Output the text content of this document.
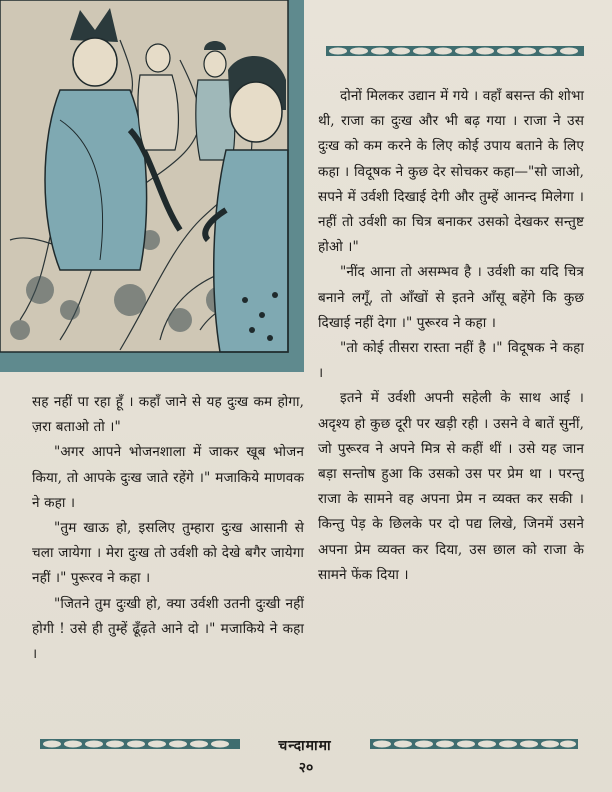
दोनों मिलकर उद्यान में गये । वहाँ बसन्त की शोभा थी, राजा का दुःख और भी बढ़ गया । राजा ने उस दुःख को कम करने के लिए कोई उपाय बताने के लिए कहा । विदूषक ने कुछ देर सोचकर कहा—"सो जाओ, सपने में उर्वशी दिखाई देगी और तुम्हें आनन्द मिलेगा । नहीं तो उर्वशी का चित्र बनाकर उसको देखकर सन्तुष्ट होओ ।"

"नींद आना तो असम्भव है । उर्वशी का यदि चित्र बनाने लगूँ, तो आँखों से इतने आँसू बहेंगे कि कुछ दिखाई नहीं देगा ।" पुरूरव ने कहा ।

"तो कोई तीसरा रास्ता नहीं है ।" विदूषक ने कहा ।

इतने में उर्वशी अपनी सहेली के साथ आई । अदृश्य हो कुछ दूरी पर खड़ी रही । उसने वे बातें सुनीं, जो पुरूरव ने अपने मित्र से कहीं थीं । उसे यह जान बड़ा सन्तोष हुआ कि उसको उस पर प्रेम था । परन्तु राजा के सामने वह अपना प्रेम न व्यक्त कर सकी । किन्तु पेड़ के छिलके पर दो पद्य लिखे, जिनमें उसने अपना प्रेम व्यक्त कर दिया, उस छाल को राजा के सामने फेंक दिया ।

सह नहीं पा रहा हूँ । कहाँ जाने से यह दुःख कम होगा, ज़रा बताओ तो ।"

"अगर आपने भोजनशाला में जाकर खूब भोजन किया, तो आपके दुःख जाते रहेंगे ।" मजाकिये माणवक ने कहा ।

"तुम खाऊ हो, इसलिए तुम्हारा दुःख आसानी से चला जायेगा । मेरा दुःख तो उर्वशी को देखे बगैर जायेगा नहीं ।" पुरूरव ने कहा ।

"जितने तुम दुःखी हो, क्या उर्वशी उतनी दुःखी नहीं होगी ! उसे ही तुम्हें ढूँढ़ते आने दो ।" मजाकिये ने कहा ।

चन्दामामा
२०
